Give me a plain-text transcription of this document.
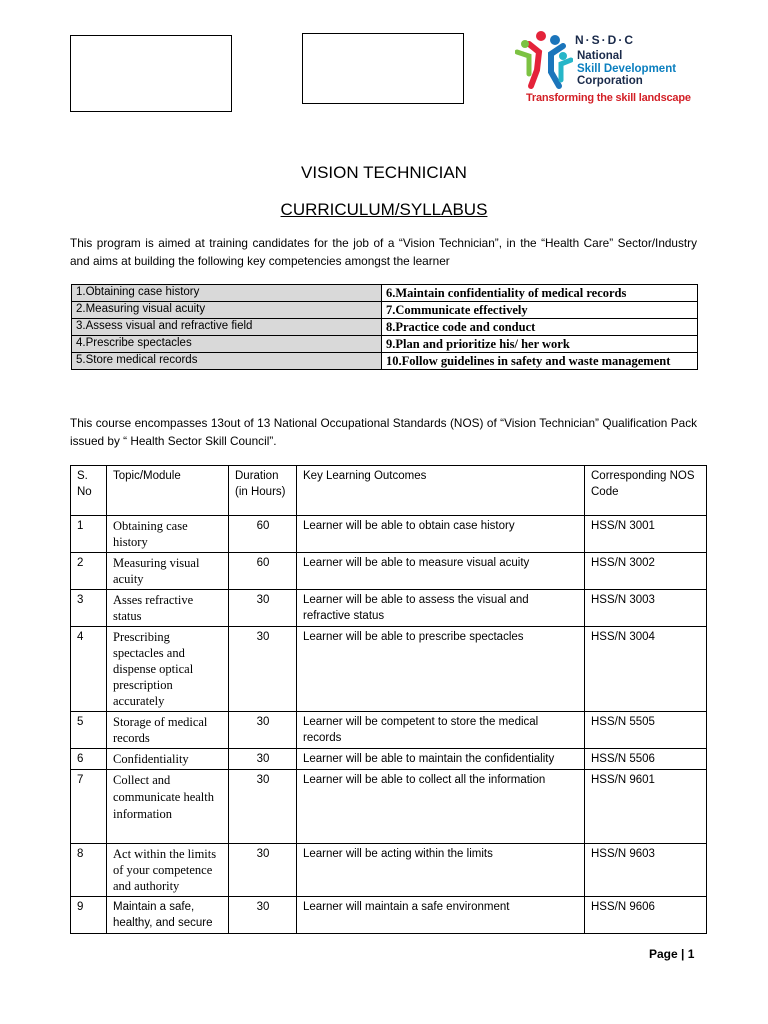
N·S·D·C
National
Skill Development
Corporation
Transforming the skill landscape
VISION TECHNICIAN
CURRICULUM/SYLLABUS
This program is aimed at training candidates for the job of a “Vision Technician”, in the “Health Care” Sector/Industry and aims at building the following key competencies amongst the learner
1.Obtaining case history	6.Maintain confidentiality of medical records
2.Measuring visual acuity	7.Communicate effectively
3.Assess visual and refractive field	8.Practice code and conduct
4.Prescribe spectacles	9.Plan and prioritize his/ her work
5.Store medical records	10.Follow guidelines in safety and waste management
This course encompasses 13out of 13 National Occupational Standards (NOS) of “Vision Technician” Qualification Pack issued by “ Health Sector Skill Council”.
S. No	Topic/Module	Duration (in Hours)	Key Learning Outcomes	Corresponding NOS Code
1	Obtaining case history	60	Learner will be able to obtain case history	HSS/N 3001
2	Measuring visual acuity	60	Learner will be able to measure visual acuity	HSS/N 3002
3	Asses refractive status	30	Learner will be able to assess the visual and refractive status	HSS/N 3003
4	Prescribing spectacles and dispense optical prescription accurately	30	Learner will be able to prescribe spectacles	HSS/N 3004
5	Storage of medical records	30	Learner will be competent to store the medical records	HSS/N 5505
6	Confidentiality	30	Learner will be able to maintain the confidentiality	HSS/N 5506
7	Collect and communicate health information	30	Learner will be able to collect all the information	HSS/N 9601
8	Act within the limits of your competence and authority	30	Learner will be acting within the limits	HSS/N 9603
9	Maintain a safe, healthy, and secure	30	Learner will maintain a safe environment	HSS/N 9606
Page | 1
